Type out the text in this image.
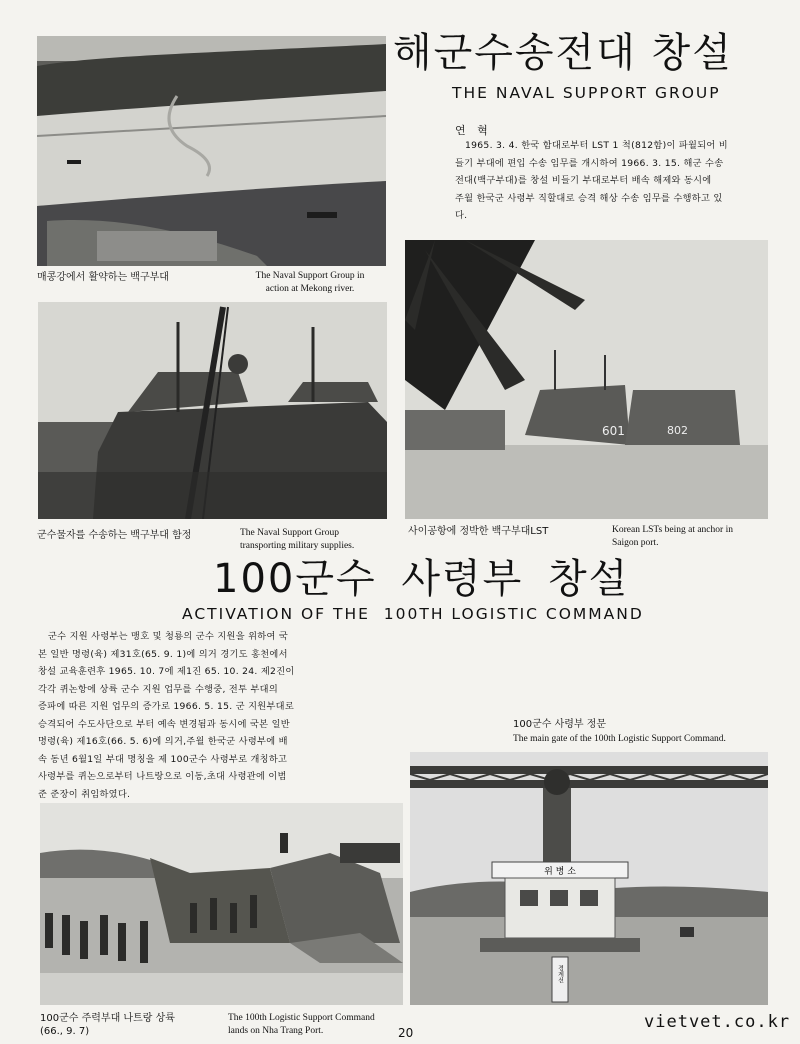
해군수송전대 창설
THE NAVAL SUPPORT GROUP
연 혁
1965. 3. 4. 한국 함대로부터 LST 1 척(812함)이 파월되어 비
들기 부대에 편입 수송 임무를 개시하여 1966. 3. 15. 해군 수송
전대(백구부대)를 창설 비들기 부대로부터 배속 해제와 동시에
주월 한국군 사령부 직할대로 승격 해상 수송 임무를 수행하고 있
다.
매콩강에서 활약하는 백구부대	The Naval Support Group in
action at Mekong river.
군수물자를 수송하는 백구부대 함정	The Naval Support Group
transporting military supplies.
601	802
사이공항에 정박한 백구부대LST	Korean LSTs being at anchor in
Saigon port.
100군수 사령부 창설
ACTIVATION OF THE  100TH LOGISTIC COMMAND
군수 지원 사령부는 맹호 및 청룡의 군수 지원을 위하여 국
본 일반 명령(육) 제31호(65. 9. 1)에 의거 경기도 홍천에서
창설 교육훈련후 1965. 10. 7에 제1진 65. 10. 24. 제2진이
각각 퀴논항에 상륙 군수 지원 업무를 수행중, 전투 부대의
증파에 따른 지원 업무의 증가로 1966. 5. 15. 군 지원부대로
승격되어 수도사단으로 부터 예속 변경됨과 동시에 국본 일반
명령(육) 제16호(66. 5. 6)에 의거,주월 한국군 사령부에 배
속 동년 6월1일 부대 명칭을 제 100군수 사령부로 개칭하고
사령부를 퀴논으로부터 나트랑으로 이동,초대 사령관에 이범
준 준장이 취임하였다.
100군수 사령부 정문
The main gate of the 100th Logistic Support Command.
위 병 소
경계선
100군수 주력부대 나트랑 상륙
(66., 9. 7)
The 100th Logistic Support Command
lands on Nha Trang Port.	20
vietvet.co.kr
